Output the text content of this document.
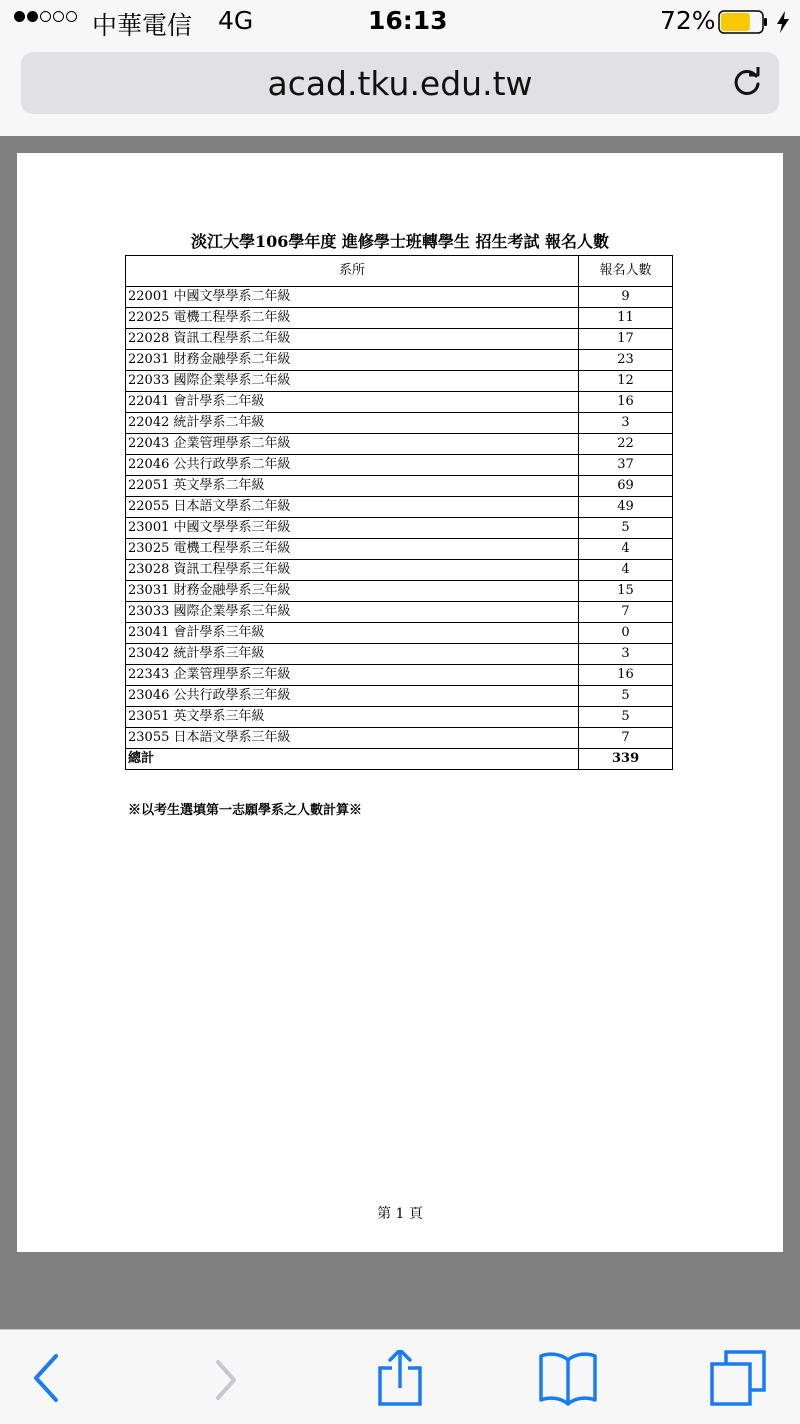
中華電信 4G	16:13	72%
acad.tku.edu.tw
淡江大學106學年度 進修學士班轉學生 招生考試 報名人數
系所	報名人數
22001 中國文學學系二年級	9
22025 電機工程學系二年級	11
22028 資訊工程學系二年級	17
22031 財務金融學系二年級	23
22033 國際企業學系二年級	12
22041 會計學系二年級	16
22042 統計學系二年級	3
22043 企業管理學系二年級	22
22046 公共行政學系二年級	37
22051 英文學系二年級	69
22055 日本語文學系二年級	49
23001 中國文學學系三年級	5
23025 電機工程學系三年級	4
23028 資訊工程學系三年級	4
23031 財務金融學系三年級	15
23033 國際企業學系三年級	7
23041 會計學系三年級	0
23042 統計學系三年級	3
22343 企業管理學系三年級	16
23046 公共行政學系三年級	5
23051 英文學系三年級	5
23055 日本語文學系三年級	7
總計	339
※以考生選填第一志願學系之人數計算※
第 1 頁
